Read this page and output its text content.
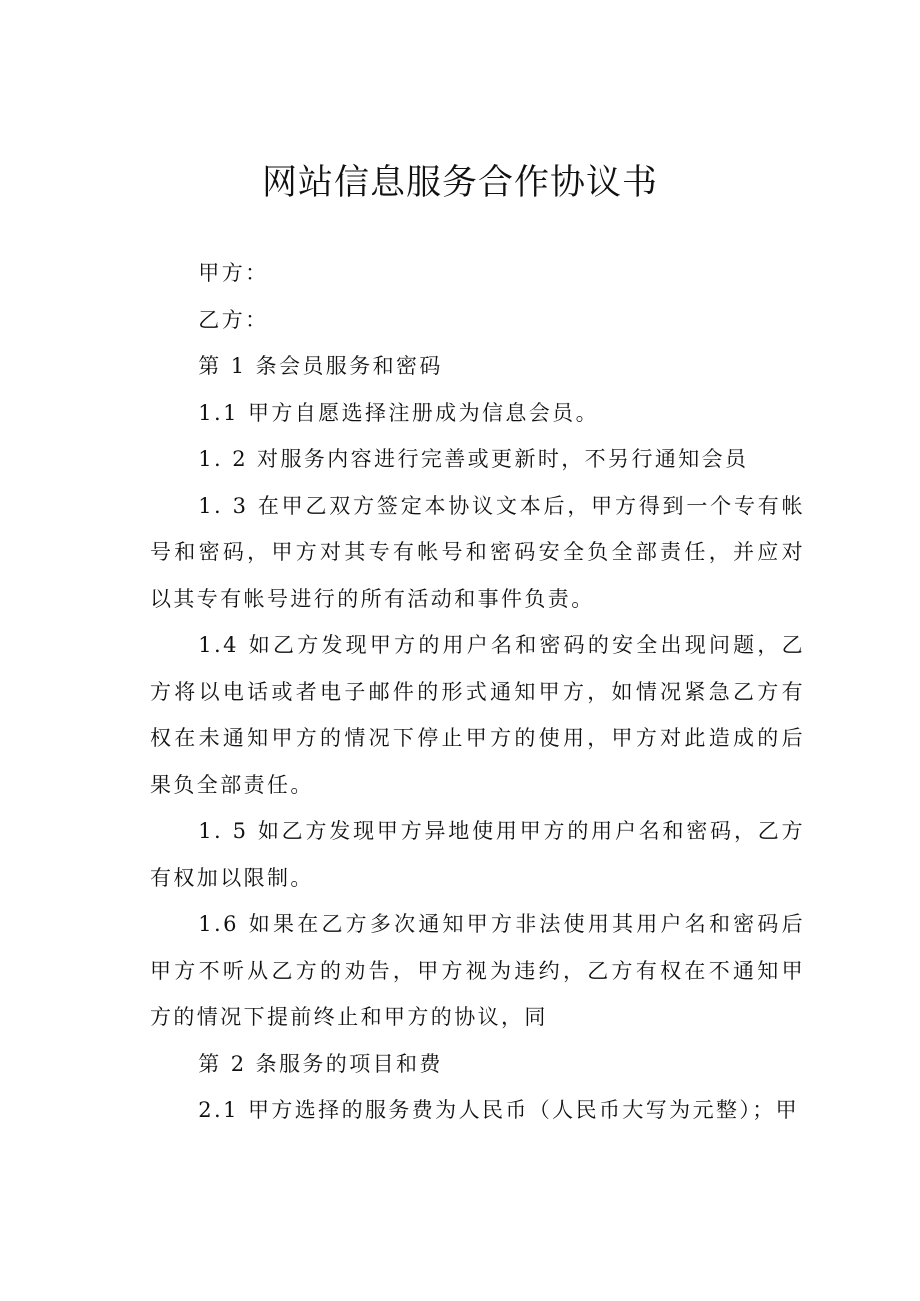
网站信息服务合作协议书

甲方：

乙方：

第 1 条会员服务和密码

1.1 甲方自愿选择注册成为信息会员。

1. 2 对服务内容进行完善或更新时，不另行通知会员

1. 3 在甲乙双方签定本协议文本后，甲方得到一个专有帐号和密码，甲方对其专有帐号和密码安全负全部责任，并应对以其专有帐号进行的所有活动和事件负责。

1.4 如乙方发现甲方的用户名和密码的安全出现问题，乙方将以电话或者电子邮件的形式通知甲方，如情况紧急乙方有权在未通知甲方的情况下停止甲方的使用，甲方对此造成的后果负全部责任。

1. 5 如乙方发现甲方异地使用甲方的用户名和密码，乙方有权加以限制。

1.6 如果在乙方多次通知甲方非法使用其用户名和密码后甲方不听从乙方的劝告，甲方视为违约，乙方有权在不通知甲方的情况下提前终止和甲方的协议，同

第 2 条服务的项目和费

2.1 甲方选择的服务费为人民币（人民币大写为元整）；甲
